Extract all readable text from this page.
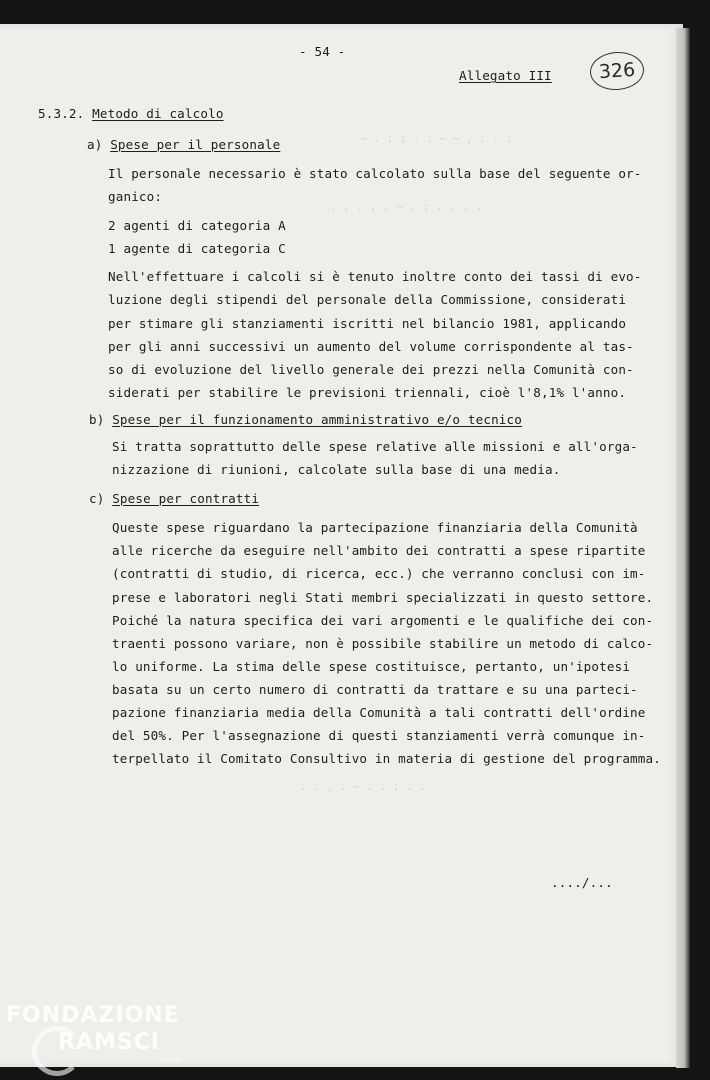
~ . : ; . . ~ ~ , . . :
. . . , . ~ . ; . . . .
. . , . ~ . . : . .
- 54 -
Allegato III	326
5.3.2. Metodo di calcolo
a) Spese per il personale
Il personale necessario è stato calcolato sulla base del seguente or-
ganico:
2 agenti di categoria A
1 agente di categoria C
Nell'effettuare i calcoli si è tenuto inoltre conto dei tassi di evo-
luzione degli stipendi del personale della Commissione, considerati
per stimare gli stanziamenti iscritti nel bilancio 1981, applicando
per gli anni successivi un aumento del volume corrispondente al tas-
so di evoluzione del livello generale dei prezzi nella Comunità con-
siderati per stabilire le previsioni triennali, cioè l'8,1% l'anno.
b) Spese per il funzionamento amministrativo e/o tecnico
Si tratta soprattutto delle spese relative alle missioni e all'orga-
nizzazione di riunioni, calcolate sulla base di una media.
c) Spese per contratti
Queste spese riguardano la partecipazione finanziaria della Comunità
alle ricerche da eseguire nell'ambito dei contratti a spese ripartite
(contratti di studio, di ricerca, ecc.) che verranno conclusi con im-
prese e laboratori negli Stati membri specializzati in questo settore.
Poiché la natura specifica dei vari argomenti e le qualifiche dei con-
traenti possono variare, non è possibile stabilire un metodo di calco-
lo uniforme. La stima delle spese costituisce, pertanto, un'ipotesi
basata su un certo numero di contratti da trattare e su una parteci-
pazione finanziaria media della Comunità a tali contratti dell'ordine
del 50%. Per l'assegnazione di questi stanziamenti verrà comunque in-
terpellato il Comitato Consultivo in materia di gestione del programma.
..../...
FONDAZIONE
RAMSCI
onlus
